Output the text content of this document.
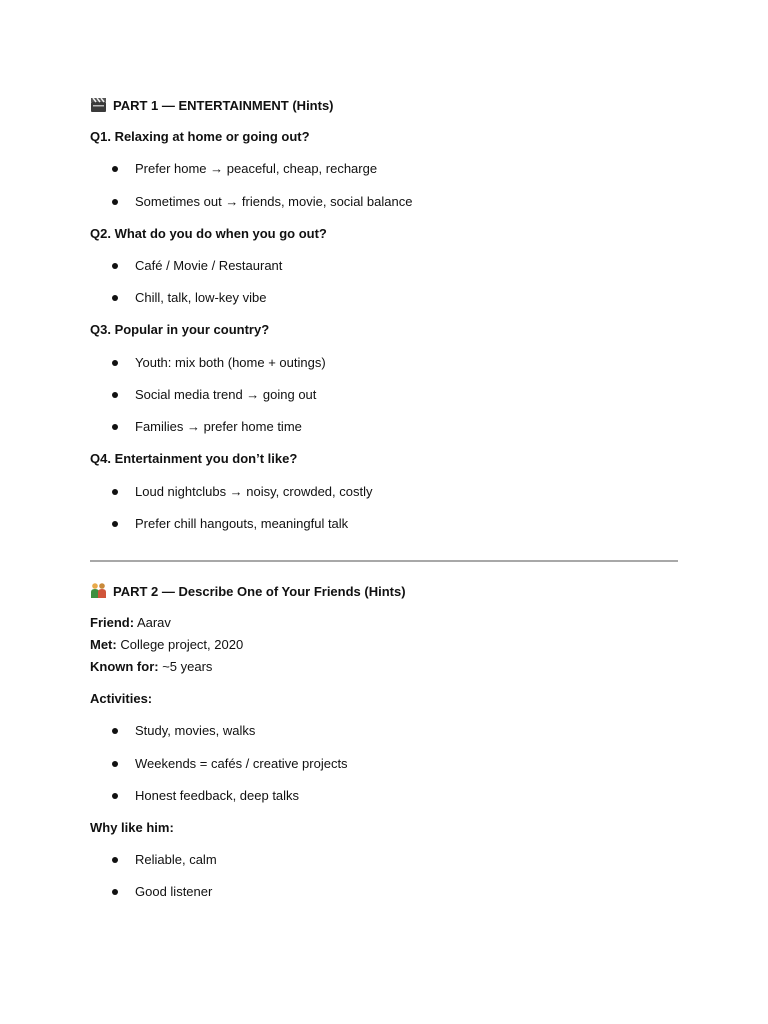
PART 1 — ENTERTAINMENT (Hints)
Q1. Relaxing at home or going out?
Prefer home → peaceful, cheap, recharge
Sometimes out → friends, movie, social balance
Q2. What do you do when you go out?
Café / Movie / Restaurant
Chill, talk, low-key vibe
Q3. Popular in your country?
Youth: mix both (home + outings)
Social media trend → going out
Families → prefer home time
Q4. Entertainment you don’t like?
Loud nightclubs → noisy, crowded, costly
Prefer chill hangouts, meaningful talk
PART 2 — Describe One of Your Friends (Hints)
Friend: Aarav
Met: College project, 2020
Known for: ~5 years
Activities:
Study, movies, walks
Weekends = cafés / creative projects
Honest feedback, deep talks
Why like him:
Reliable, calm
Good listener
